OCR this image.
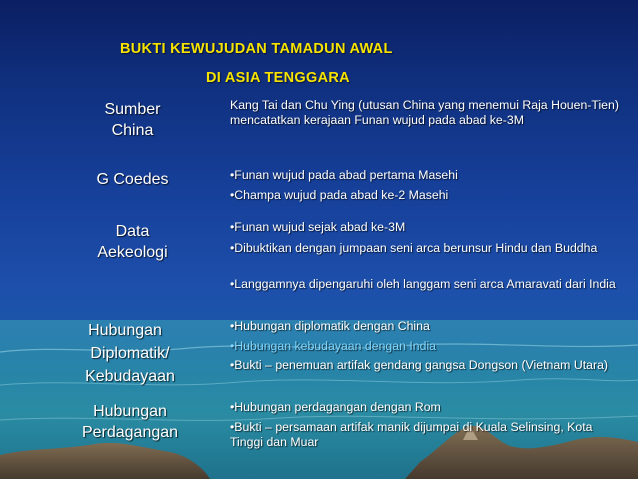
BUKTI KEWUJUDAN TAMADUN AWAL
DI ASIA TENGGARA
Sumber
China
Kang Tai dan Chu Ying (utusan China yang menemui Raja Houen-Tien) mencatatkan kerajaan Funan wujud pada abad ke-3M
G Coedes	•Funan wujud pada abad pertama Masehi
•Champa wujud pada abad ke-2 Masehi
Data
Aekeologi
•Funan wujud sejak abad ke-3M
•Dibuktikan dengan jumpaan seni arca berunsur Hindu dan Buddha
•Langgamnya dipengaruhi oleh langgam seni arca Amaravati dari India
Hubungan
Diplomatik/
Kebudayaan
•Hubungan diplomatik dengan China
•Hubungan kebudayaan dengan India
•Bukti – penemuan artifak gendang gangsa Dongson (Vietnam Utara)
Hubungan
Perdagangan
•Hubungan perdagangan dengan Rom
•Bukti – persamaan artifak manik dijumpai di Kuala Selinsing, Kota Tinggi dan Muar
